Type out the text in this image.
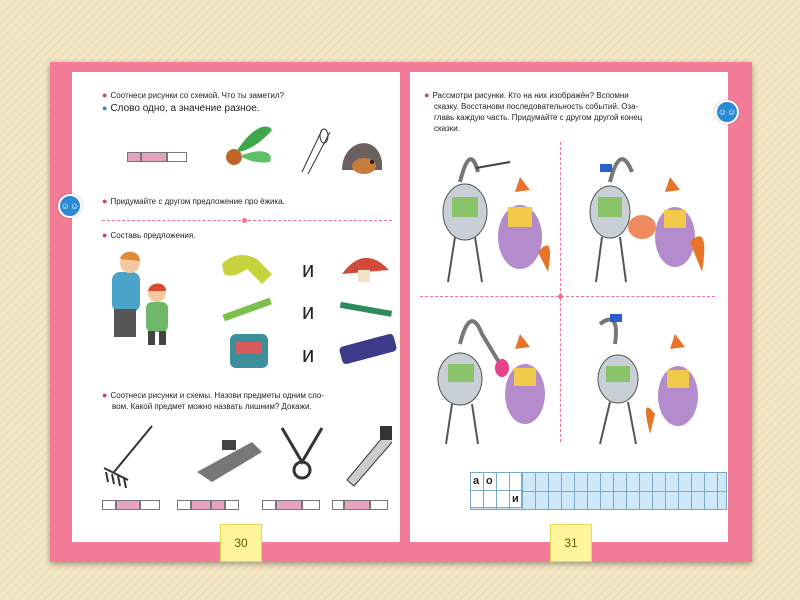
● Соотнеси рисунки со схемой. Что ты заметил?
● Слово одно, а значение разное.
☺☺	● Придумайте с другом предложение про ёжика.
● Составь предложения.
и
и
и
● Соотнеси рисунки и схемы. Назови предметы одним сло-
вом. Какой предмет можно назвать лишним? Докажи.
30
● Рассмотри рисунки. Кто на них изображён? Вспомни
сказку. Восстанови последовательность событий. Оза-
главь каждую часть. Придумайте с другом другой конец
сказки.
☺☺
а о
и
31
